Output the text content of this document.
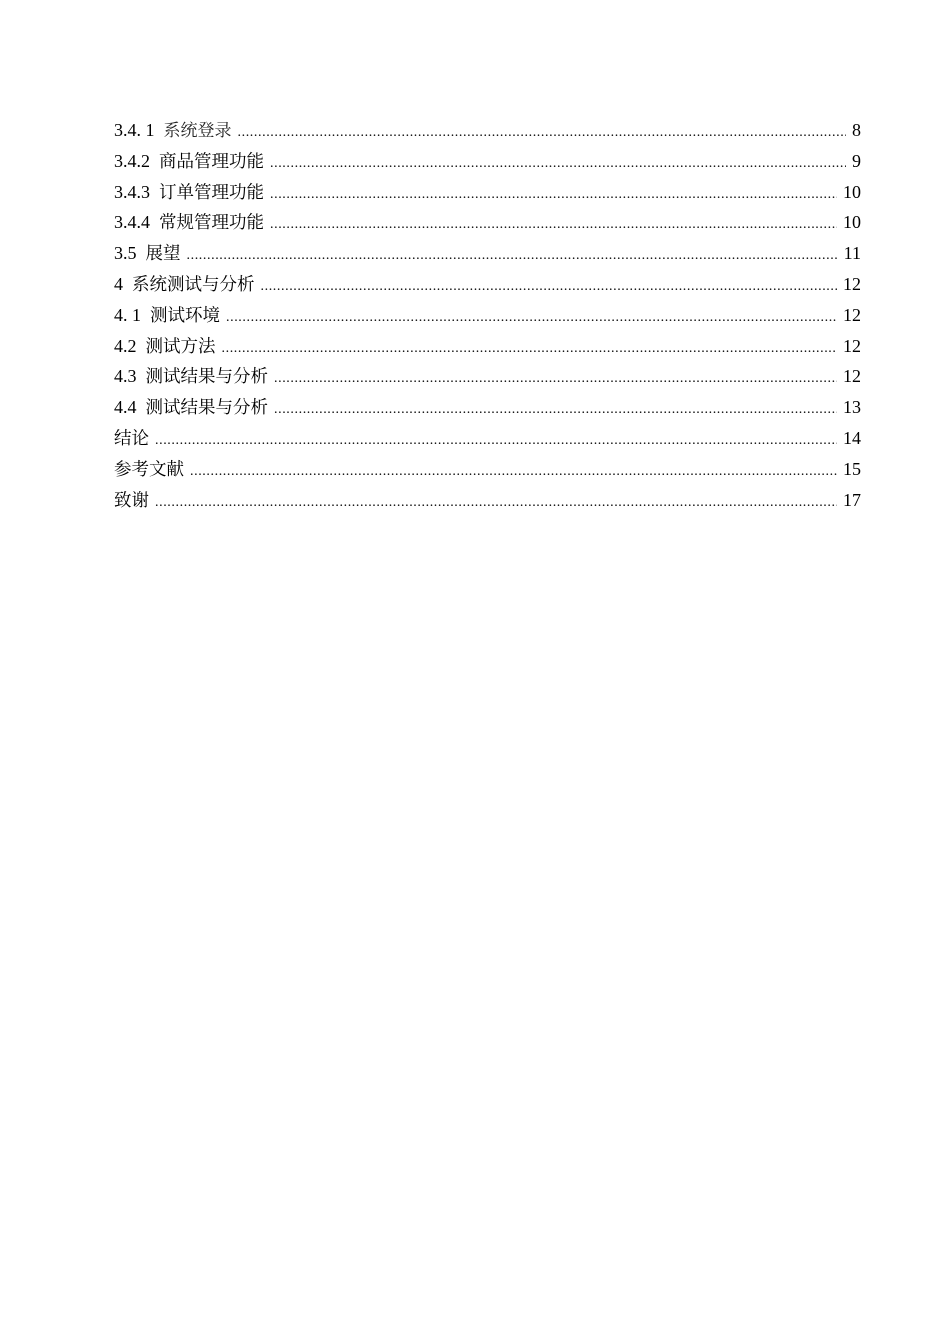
3.4. 1 系统登录 .....	8
3.4.2 商品管理功能 .....	9
3.4.3 订单管理功能 .....	10
3.4.4 常规管理功能 .....	10
3.5 展望 .....	11
4 系统测试与分析 .....	12
4. 1 测试环境 .....	12
4.2 测试方法 .....	12
4.3 测试结果与分析 .....	12
4.4 测试结果与分析 .....	13
结论 .....	14
参考文献 .....	15
致谢 .....	17
